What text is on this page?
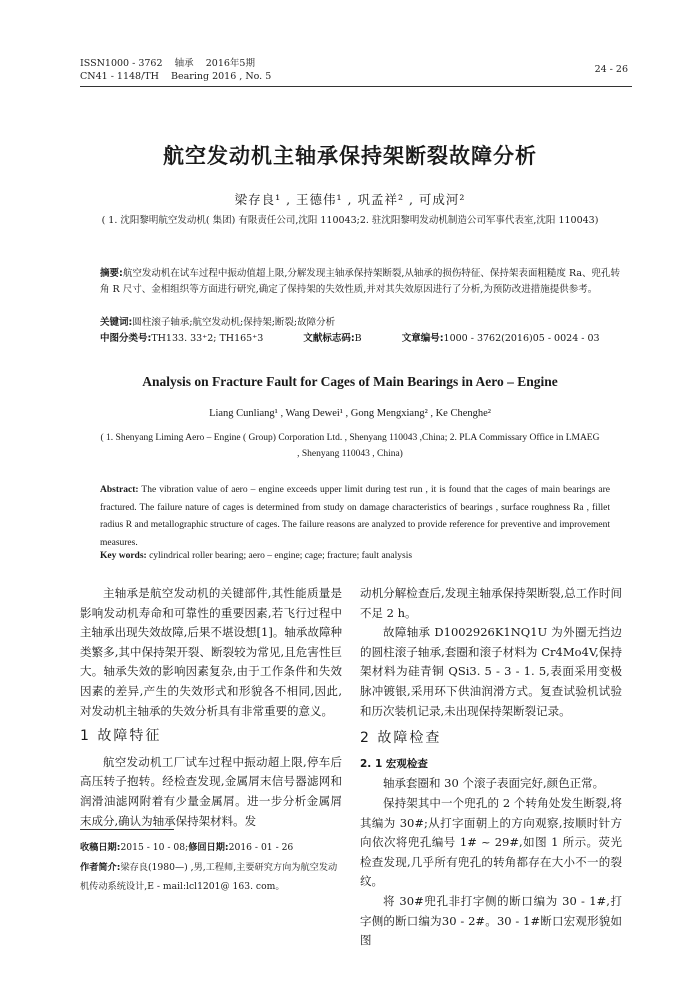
ISSN1000 - 3762 轴承 2016年5期
CN41 - 1148/TH Bearing 2016 , No. 5
24 - 26
航空发动机主轴承保持架断裂故障分析
梁存良¹ , 王德伟¹ , 巩孟祥² , 可成河²
( 1. 沈阳黎明航空发动机( 集团) 有限责任公司,沈阳 110043;2. 驻沈阳黎明发动机制造公司军事代表室,沈阳 110043)
摘要:航空发动机在试车过程中振动值超上限,分解发现主轴承保持架断裂,从轴承的损伤特征、保持架表面粗糙度 Ra、兜孔转角 R 尺寸、金相组织等方面进行研究,确定了保持架的失效性质,并对其失效原因进行了分析,为预防改进措施提供参考。
关键词:圆柱滚子轴承;航空发动机;保持架;断裂;故障分析
中图分类号:TH133. 33⁺2; TH165⁺3	文献标志码:B	文章编号:1000 - 3762(2016)05 - 0024 - 03
Analysis on Fracture Fault for Cages of Main Bearings in Aero – Engine
Liang Cunliang¹ , Wang Dewei¹ , Gong Mengxiang² , Ke Chenghe²
( 1. Shenyang Liming Aero – Engine ( Group) Corporation Ltd. , Shenyang 110043 ,China; 2. PLA Commissary Office in LMAEG , Shenyang 110043 , China)
Abstract: The vibration value of aero – engine exceeds upper limit during test run , it is found that the cages of main bearings are fractured. The failure nature of cages is determined from study on damage characteristics of bearings , surface roughness Ra , fillet radius R and metallographic structure of cages. The failure reasons are analyzed to provide reference for preventive and improvement measures.
Key words: cylindrical roller bearing; aero – engine; cage; fracture; fault analysis

主轴承是航空发动机的关键部件,其性能质量是影响发动机寿命和可靠性的重要因素,若飞行过程中主轴承出现失效故障,后果不堪设想[1]。轴承故障种类繁多,其中保持架开裂、断裂较为常见,且危害性巨大。轴承失效的影响因素复杂,由于工作条件和失效因素的差异,产生的失效形式和形貌各不相同,因此,对发动机主轴承的失效分析具有非常重要的意义。

1 故障特征

航空发动机工厂试车过程中振动超上限,停车后高压转子抱转。经检查发现,金属屑末信号器滤网和润滑油滤网附着有少量金属屑。进一步分析金属屑末成分,确认为轴承保持架材料。发

收稿日期:2015 - 10 - 08;修回日期:2016 - 01 - 26
作者简介:梁存良(1980—) ,男,工程师,主要研究方向为航空发动机传动系统设计,E - mail:lcl1201@ 163. com。

动机分解检查后,发现主轴承保持架断裂,总工作时间不足 2 h。

故障轴承 D1002926K1NQ1U 为外圈无挡边的圆柱滚子轴承,套圈和滚子材料为 Cr4Mo4V,保持架材料为硅青铜 QSi3. 5 - 3 - 1. 5,表面采用变极脉冲镀银,采用环下供油润滑方式。复查试验机试验和历次装机记录,未出现保持架断裂记录。

2 故障检查
2. 1 宏观检查

轴承套圈和 30 个滚子表面完好,颜色正常。

保持架其中一个兜孔的 2 个转角处发生断裂,将其编为 30#;从打字面朝上的方向观察,按顺时针方向依次将兜孔编号 1# ~ 29#,如图 1 所示。荧光检查发现,几乎所有兜孔的转角都存在大小不一的裂纹。

将 30#兜孔非打字侧的断口编为 30 - 1#,打字侧的断口编为30 - 2#。30 - 1#断口宏观形貌如图
